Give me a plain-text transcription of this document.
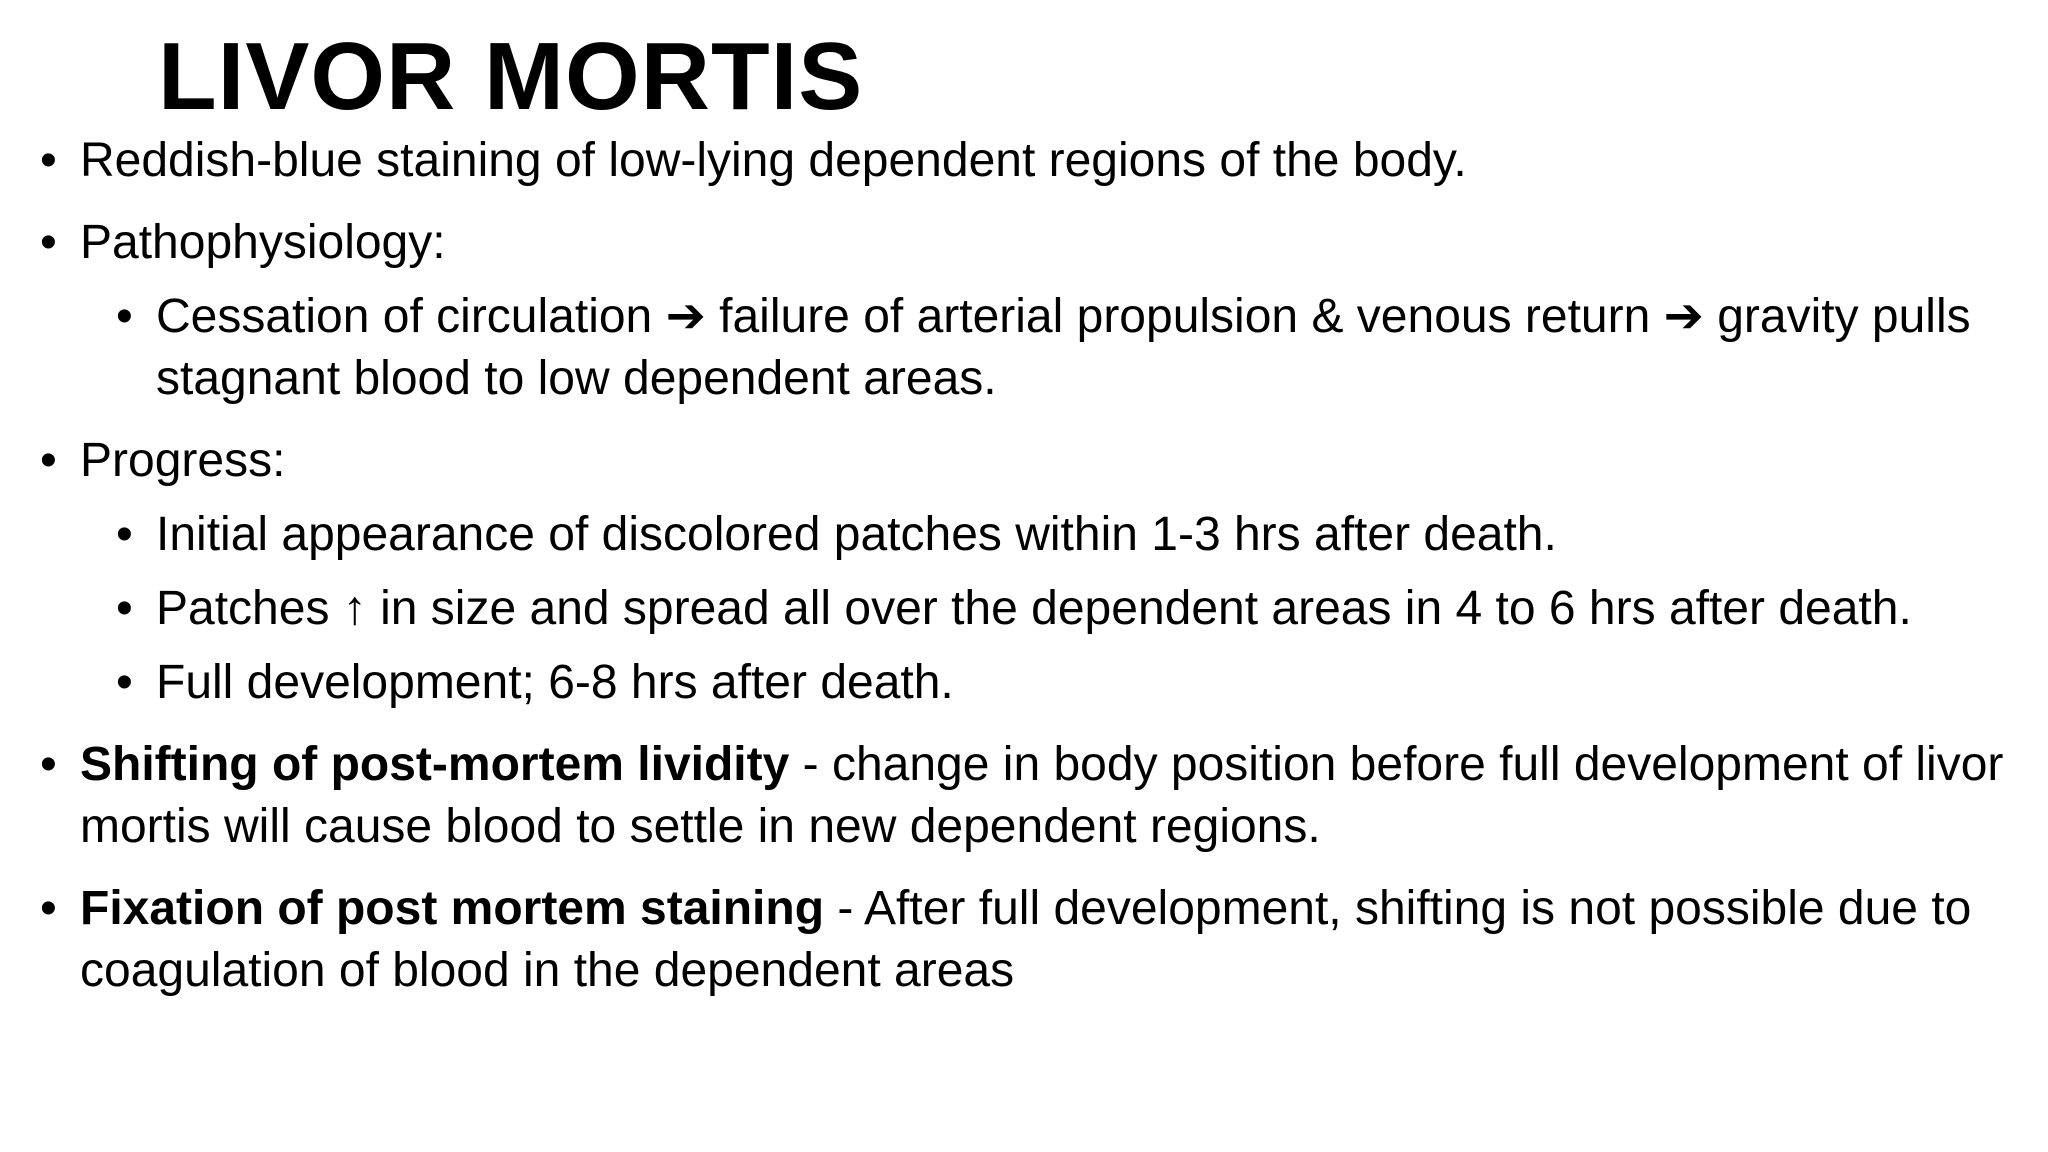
LIVOR MORTIS
• Reddish-blue staining of low-lying dependent regions of the body.
• Pathophysiology:
• Cessation of circulation ➔ failure of arterial propulsion & venous return ➔ gravity pulls stagnant blood to low dependent areas.
• Progress:
• Initial appearance of discolored patches within 1-3 hrs after death.
• Patches ↑ in size and spread all over the dependent areas in 4 to 6 hrs after death.
• Full development; 6-8 hrs after death.
• Shifting of post-mortem lividity - change in body position before full development of livor mortis will cause blood to settle in new dependent regions.
• Fixation of post mortem staining - After full development, shifting is not possible due to coagulation of blood in the dependent areas
